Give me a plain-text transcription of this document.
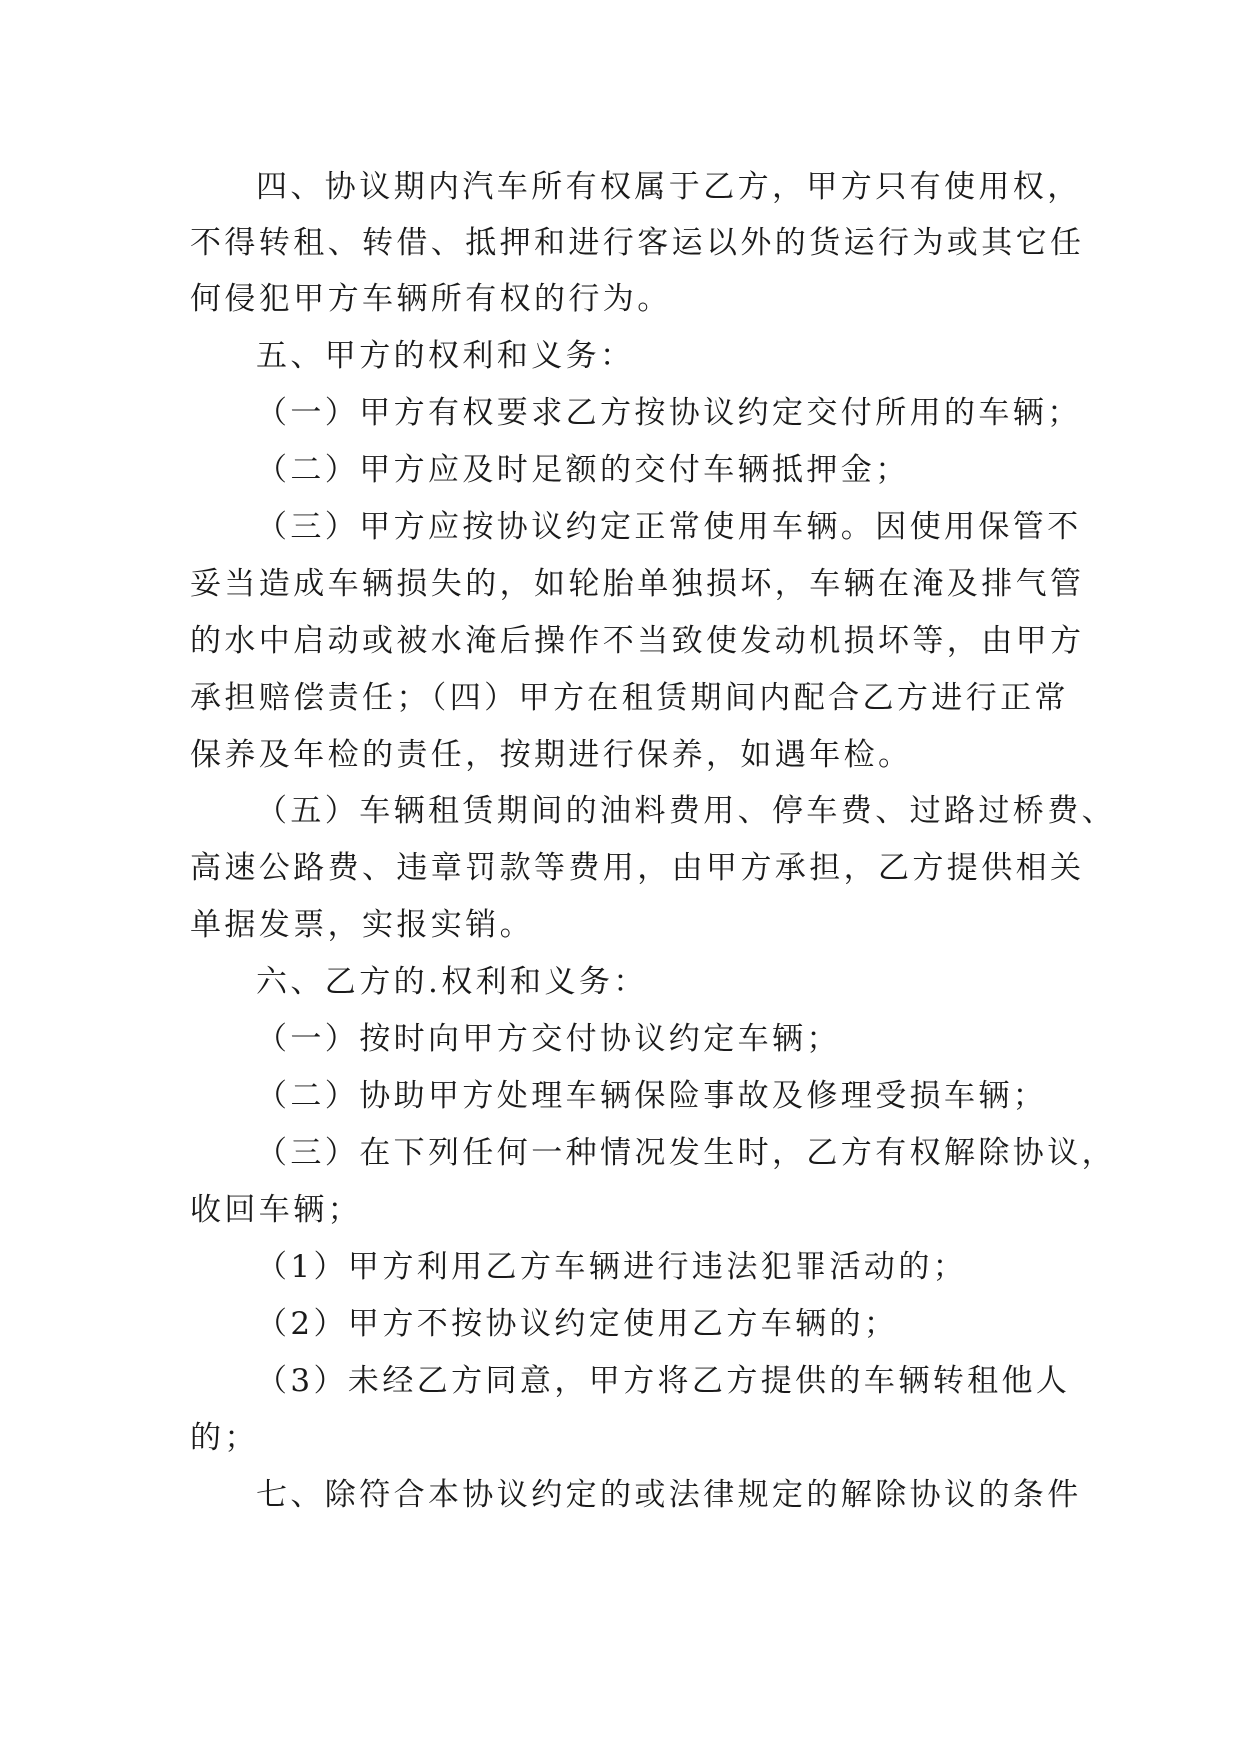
四、协议期内汽车所有权属于乙方，甲方只有使用权，
不得转租、转借、抵押和进行客运以外的货运行为或其它任
何侵犯甲方车辆所有权的行为。
五、甲方的权利和义务：
（一）甲方有权要求乙方按协议约定交付所用的车辆；
（二）甲方应及时足额的交付车辆抵押金；
（三）甲方应按协议约定正常使用车辆。因使用保管不
妥当造成车辆损失的，如轮胎单独损坏，车辆在淹及排气管
的水中启动或被水淹后操作不当致使发动机损坏等，由甲方
承担赔偿责任；（四）甲方在租赁期间内配合乙方进行正常
保养及年检的责任，按期进行保养，如遇年检。
（五）车辆租赁期间的油料费用、停车费、过路过桥费、
高速公路费、违章罚款等费用，由甲方承担，乙方提供相关
单据发票，实报实销。
六、乙方的.权利和义务：
（一）按时向甲方交付协议约定车辆；
（二）协助甲方处理车辆保险事故及修理受损车辆；
（三）在下列任何一种情况发生时，乙方有权解除协议，
收回车辆；
（1）甲方利用乙方车辆进行违法犯罪活动的；
（2）甲方不按协议约定使用乙方车辆的；
（3）未经乙方同意，甲方将乙方提供的车辆转租他人
的；
七、除符合本协议约定的或法律规定的解除协议的条件
